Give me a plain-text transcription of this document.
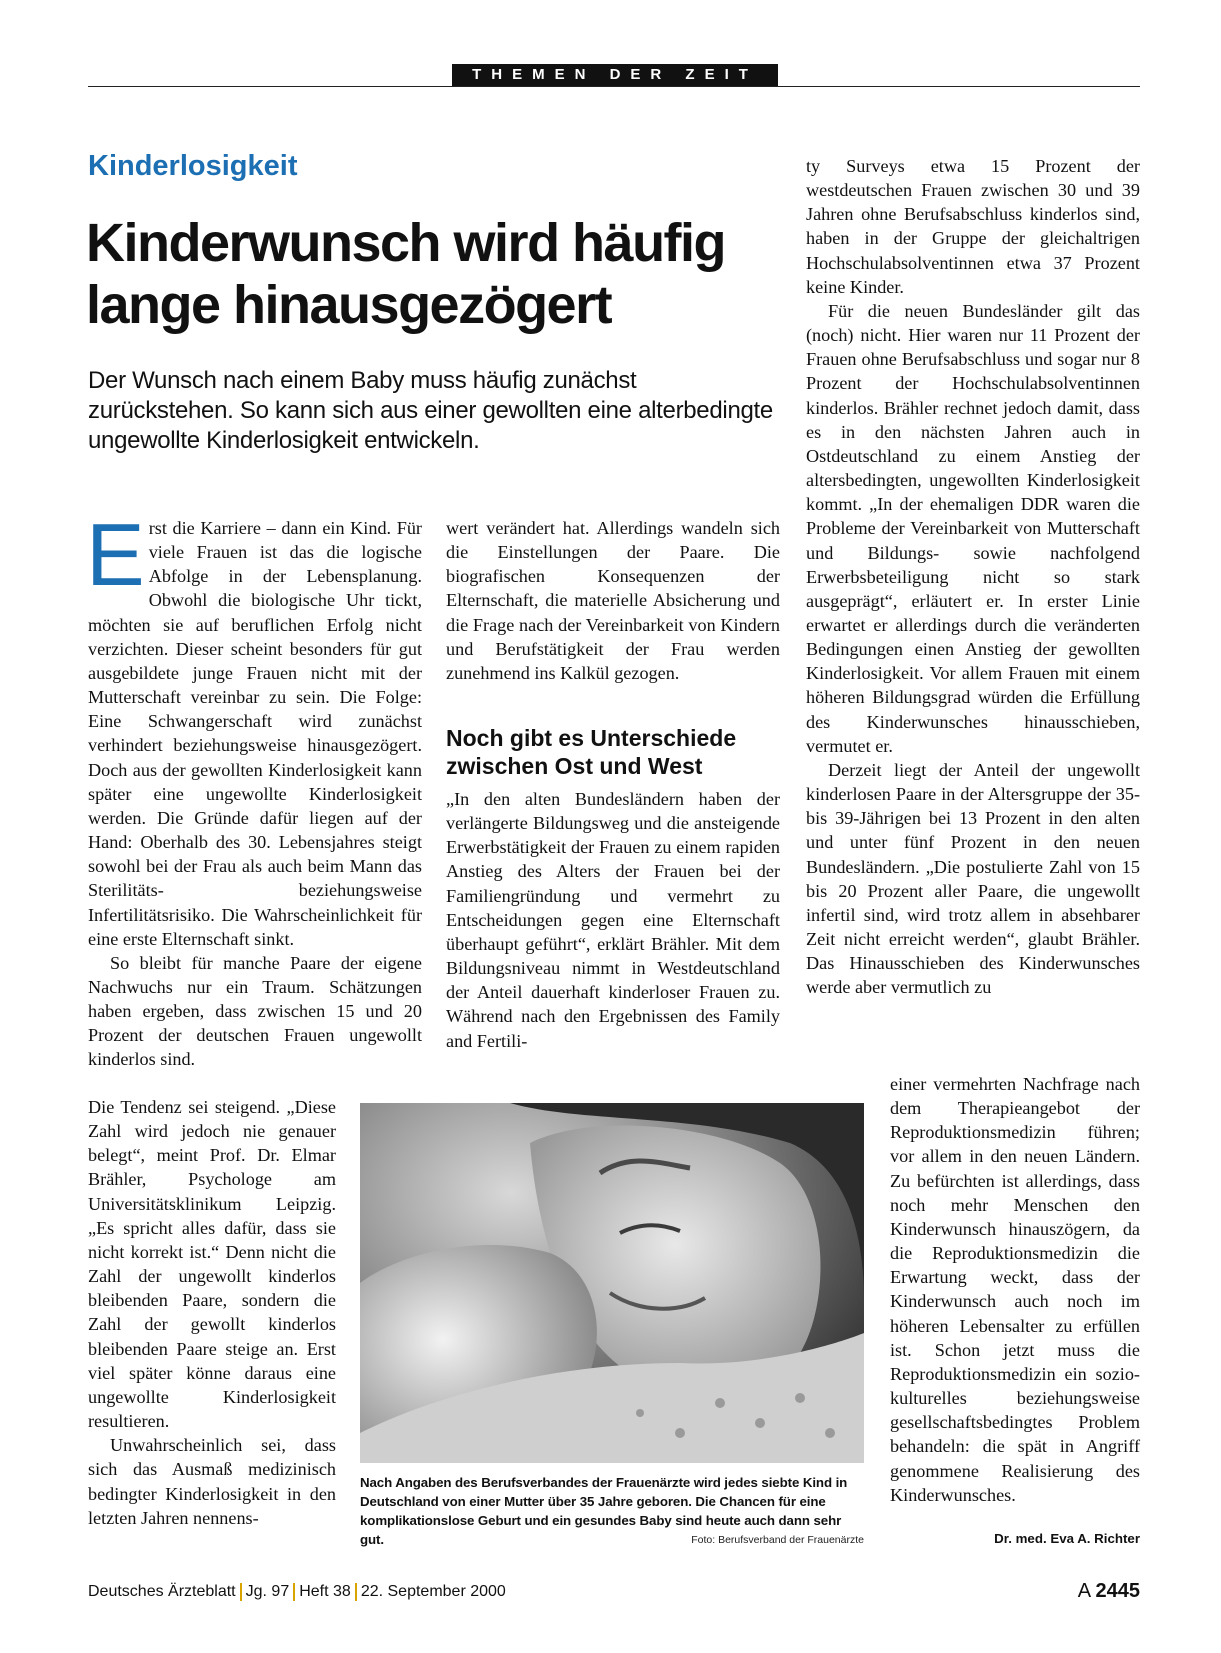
THEMEN DER ZEIT
Kinderlosigkeit
Kinderwunsch wird häufig
lange hinausgezögert
Der Wunsch nach einem Baby muss häufig zunächst zurückstehen. So kann sich aus einer gewollten eine alterbedingte ungewollte Kinderlosigkeit entwickeln.

Erst die Karriere – dann ein Kind. Für viele Frauen ist das die logische Abfolge in der Lebensplanung. Obwohl die biologische Uhr tickt, möchten sie auf beruflichen Erfolg nicht verzichten. Dieser scheint besonders für gut ausgebildete junge Frauen nicht mit der Mutterschaft vereinbar zu sein. Die Folge: Eine Schwangerschaft wird zunächst verhindert beziehungsweise hinausgezögert. Doch aus der gewollten Kinderlosigkeit kann später eine ungewollte Kinderlosigkeit werden. Die Gründe dafür liegen auf der Hand: Oberhalb des 30. Lebensjahres steigt sowohl bei der Frau als auch beim Mann das Sterilitäts- beziehungsweise Infertilitätsrisiko. Die Wahrscheinlichkeit für eine erste Elternschaft sinkt.

So bleibt für manche Paare der eigene Nachwuchs nur ein Traum. Schätzungen haben ergeben, dass zwischen 15 und 20 Prozent der deutschen Frauen ungewollt kinderlos sind.

Die Tendenz sei steigend. „Diese Zahl wird jedoch nie genauer belegt“, meint Prof. Dr. Elmar Brähler, Psychologe am Universitätsklinikum Leipzig. „Es spricht alles dafür, dass sie nicht korrekt ist.“ Denn nicht die Zahl der ungewollt kinderlos bleibenden Paare, sondern die Zahl der gewollt kinderlos bleibenden Paare steige an. Erst viel später könne daraus eine ungewollte Kinderlosigkeit resultieren.

Unwahrscheinlich sei, dass sich das Ausmaß medizinisch bedingter Kinderlosigkeit in den letzten Jahren nennens-

wert verändert hat. Allerdings wandeln sich die Einstellungen der Paare. Die biografischen Konsequenzen der Elternschaft, die materielle Absicherung und die Frage nach der Vereinbarkeit von Kindern und Berufstätigkeit der Frau werden zunehmend ins Kalkül gezogen.

Noch gibt es Unterschiede zwischen Ost und West

„In den alten Bundesländern haben der verlängerte Bildungsweg und die ansteigende Erwerbstätigkeit der Frauen zu einem rapiden Anstieg des Alters der Frauen bei der Familiengründung und vermehrt zu Entscheidungen gegen eine Elternschaft überhaupt geführt“, erklärt Brähler. Mit dem Bildungsniveau nimmt in Westdeutschland der Anteil dauerhaft kinderloser Frauen zu. Während nach den Ergebnissen des Family and Fertili-

ty Surveys etwa 15 Prozent der westdeutschen Frauen zwischen 30 und 39 Jahren ohne Berufsabschluss kinderlos sind, haben in der Gruppe der gleichaltrigen Hochschulabsolventinnen etwa 37 Prozent keine Kinder.

Für die neuen Bundesländer gilt das (noch) nicht. Hier waren nur 11 Prozent der Frauen ohne Berufsabschluss und sogar nur 8 Prozent der Hochschulabsolventinnen kinderlos. Brähler rechnet jedoch damit, dass es in den nächsten Jahren auch in Ostdeutschland zu einem Anstieg der altersbedingten, ungewollten Kinderlosigkeit kommt. „In der ehemaligen DDR waren die Probleme der Vereinbarkeit von Mutterschaft und Bildungs- sowie nachfolgend Erwerbsbeteiligung nicht so stark ausgeprägt“, erläutert er. In erster Linie erwartet er allerdings durch die veränderten Bedingungen einen Anstieg der gewollten Kinderlosigkeit. Vor allem Frauen mit einem höheren Bildungsgrad würden die Erfüllung des Kinderwunsches hinausschieben, vermutet er.

Derzeit liegt der Anteil der ungewollt kinderlosen Paare in der Altersgruppe der 35- bis 39-Jährigen bei 13 Prozent in den alten und unter fünf Prozent in den neuen Bundesländern. „Die postulierte Zahl von 15 bis 20 Prozent aller Paare, die ungewollt infertil sind, wird trotz allem in absehbarer Zeit nicht erreicht werden“, glaubt Brähler. Das Hinausschieben des Kinderwunsches werde aber vermutlich zu

einer vermehrten Nachfrage nach dem Therapieangebot der Reproduktionsmedizin führen; vor allem in den neuen Ländern. Zu befürchten ist allerdings, dass noch mehr Menschen den Kinderwunsch hinauszögern, da die Reproduktionsmedizin die Erwartung weckt, dass der Kinderwunsch auch noch im höheren Lebensalter zu erfüllen ist. Schon jetzt muss die Reproduktionsmedizin ein sozio-kulturelles beziehungsweise gesellschaftsbedingtes Problem behandeln: die spät in Angriff genommene Realisierung des Kinderwunsches.

Nach Angaben des Berufsverbandes der Frauenärzte wird jedes siebte Kind in Deutschland von einer Mutter über 35 Jahre geboren. Die Chancen für eine komplikationslose Geburt und ein gesundes Baby sind heute auch dann sehr gut.	Foto: Berufsverband der Frauenärzte	Dr. med. Eva A. Richter
Deutsches Ärzteblatt Jg. 97 Heft 38 22. September 2000	A 2445
